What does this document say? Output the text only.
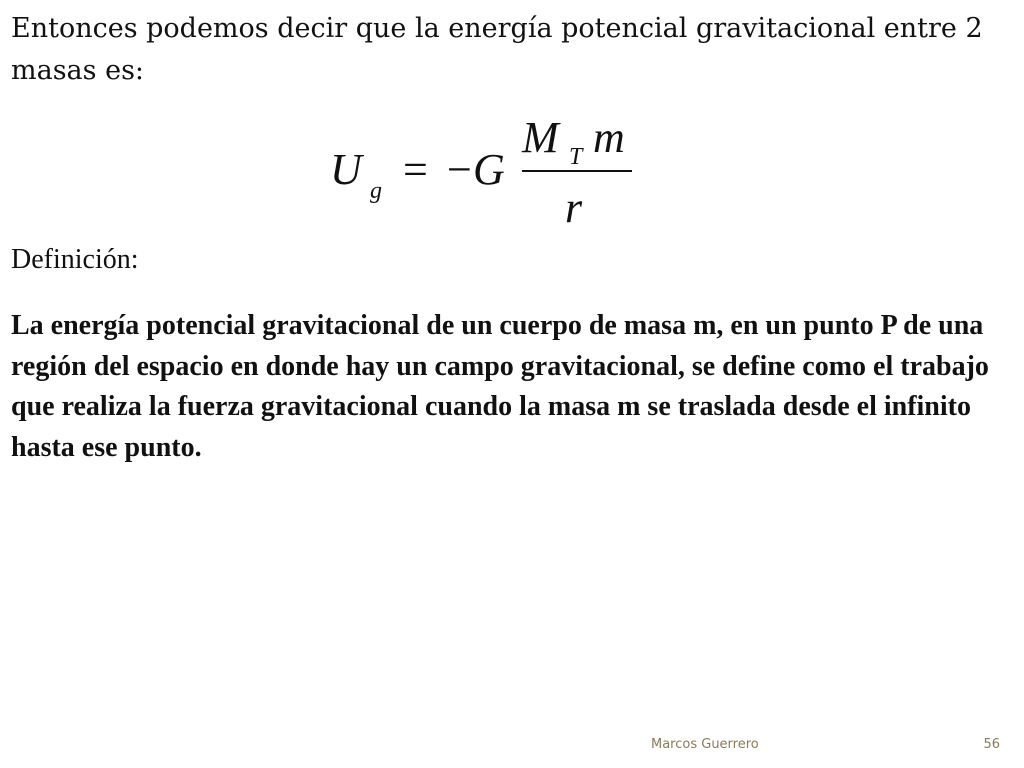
Entonces podemos decir que la energía potencial gravitacional entre 2 masas es:

U g = − G
M T m
r

Definición:

La energía potencial gravitacional de un cuerpo de masa m, en un punto P de una región del espacio en donde hay un campo gravitacional, se define como el trabajo que realiza la fuerza gravitacional cuando la masa m se traslada desde el infinito hasta ese punto.

Marcos Guerrero	56
